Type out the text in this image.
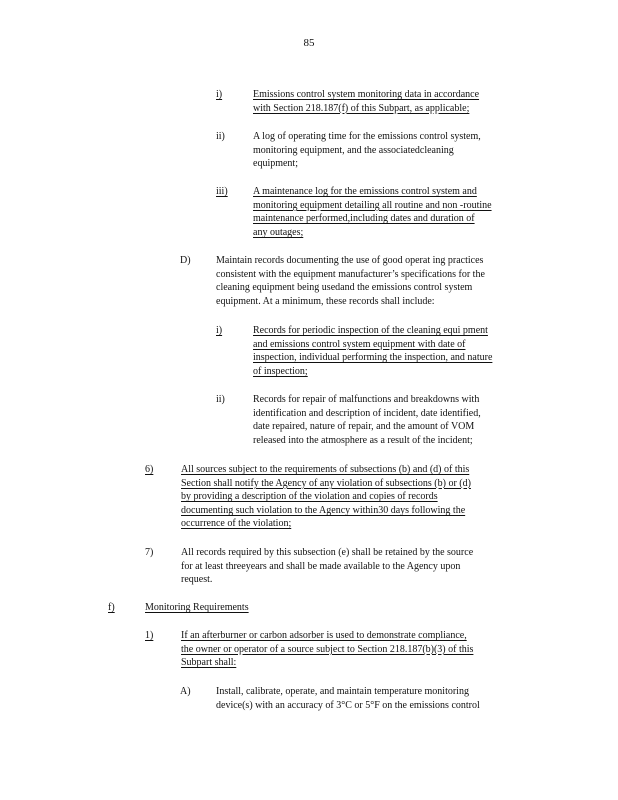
85
i)	Emissions control system monitoring data in accordance
with Section 218.187(f) of this Subpart, as applicable;
ii)	A log of operating time for the emissions control system,
monitoring equipment, and the associatedcleaning
equipment;
iii)	A maintenance log for the emissions control system and
monitoring equipment detailing all routine and non -routine
maintenance performed,including dates and duration of
any outages;
D)	Maintain records documenting the use of good operat ing practices
consistent with the equipment manufacturer’s specifications for the
cleaning equipment being usedand the emissions control system
equipment. At a minimum, these records shall include:
i)	Records for periodic inspection of the cleaning equi pment
and emissions control system equipment with date of
inspection, individual performing the inspection, and nature
of inspection;
ii)	Records for repair of malfunctions and breakdowns with
identification and description of incident, date identified,
date repaired, nature of repair, and the amount of VOM
released into the atmosphere as a result of the incident;
6)	All sources subject to the requirements of subsections (b) and (d) of this
Section shall notify the Agency of any violation of subsections (b) or (d)
by providing a description of the violation and copies of records
documenting such violation to the Agency within30 days following the
occurrence of the violation;
7)	All records required by this subsection (e) shall be retained by the source
for at least threeyears and shall be made available to the Agency upon
request.
f)	Monitoring Requirements
1)	If an afterburner or carbon adsorber is used to demonstrate compliance,
the owner or operator of a source subject to Section 218.187(b)(3) of this
Subpart shall:
A)	Install, calibrate, operate, and maintain temperature monitoring
device(s) with an accuracy of 3°C or 5°F on the emissions control
